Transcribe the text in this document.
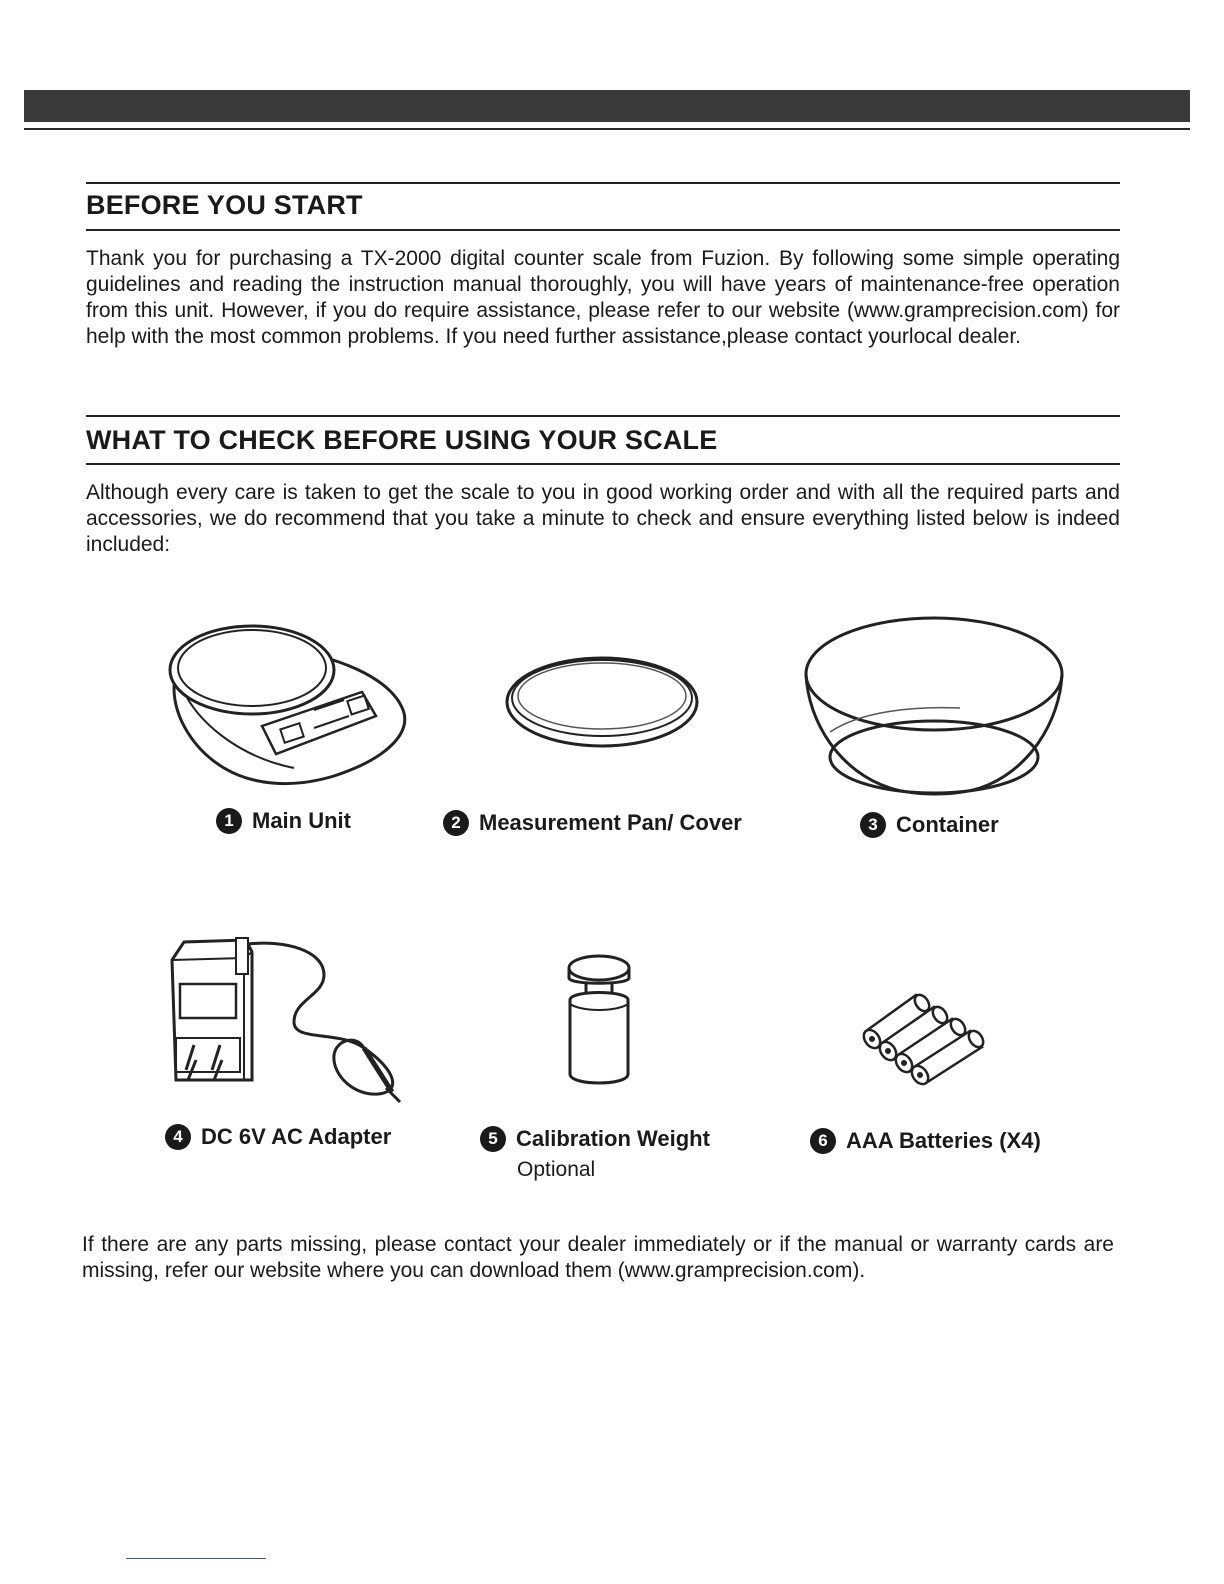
BEFORE YOU START
Thank you for purchasing a TX-2000 digital counter scale from Fuzion. By following some simple operating guidelines and reading the instruction manual thoroughly, you will have years of maintenance-free operation from this unit. However, if you do require assistance, please refer to our website (www.gramprecision.com) for help with the most common problems. If you need further assistance,please contact yourlocal dealer.
WHAT TO CHECK BEFORE USING YOUR SCALE
Although every care is taken to get the scale to you in good working order and with all the required parts and accessories, we do recommend that you take a minute to check and ensure everything listed below is indeed included:
1 Main Unit	2 Measurement Pan/ Cover	3 Container
4 DC 6V AC Adapter	5 Calibration Weight
Optional
6 AAA Batteries (X4)
If there are any parts missing, please contact your dealer immediately or if the manual or warranty cards are missing, refer our website where you can download them (www.gramprecision.com).
